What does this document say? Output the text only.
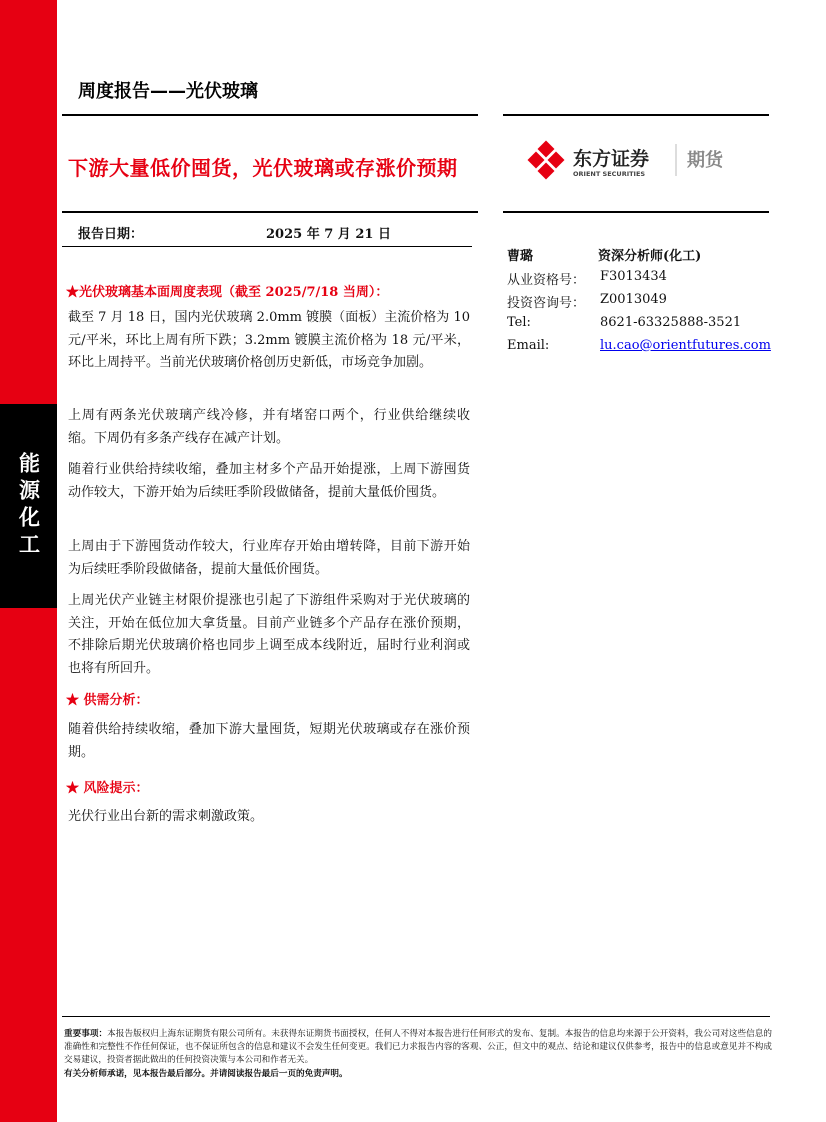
能源化工
周度报告——光伏玻璃
下游大量低价囤货，光伏玻璃或存涨价预期	东方证券
ORIENT SECURITIES
期货
报告日期：	2025 年 7 月 21 日
★光伏玻璃基本面周度表现（截至 2025/7/18 当周）：
截至 7 月 18 日，国内光伏玻璃 2.0mm 镀膜（面板）主流价格为 10 元/平米，环比上周有所下跌；3.2mm 镀膜主流价格为 18 元/平米，环比上周持平。当前光伏玻璃价格创历史新低，市场竞争加剧。
上周有两条光伏玻璃产线冷修，并有堵窑口两个，行业供给继续收缩。下周仍有多条产线存在减产计划。
随着行业供给持续收缩，叠加主材多个产品开始提涨，上周下游囤货动作较大，下游开始为后续旺季阶段做储备，提前大量低价囤货。
上周由于下游囤货动作较大，行业库存开始由增转降，目前下游开始为后续旺季阶段做储备，提前大量低价囤货。
上周光伏产业链主材限价提涨也引起了下游组件采购对于光伏玻璃的关注，开始在低位加大拿货量。目前产业链多个产品存在涨价预期，不排除后期光伏玻璃价格也同步上调至成本线附近，届时行业利润或也将有所回升。
★ 供需分析：
随着供给持续收缩，叠加下游大量囤货，短期光伏玻璃或存在涨价预期。
★ 风险提示：
光伏行业出台新的需求刺激政策。
曹璐	资深分析师(化工)
从业资格号： F3013434
投资咨询号： Z0013049
Tel:	8621-63325888-3521
Email:	lu.cao@orientfutures.com
重要事项：本报告版权归上海东证期货有限公司所有。未获得东证期货书面授权，任何人不得对本报告进行任何形式的发布、复制。本报告的信息均来源于公开资料，我公司对这些信息的准确性和完整性不作任何保证，也不保证所包含的信息和建议不会发生任何变更。我们已力求报告内容的客观、公正，但文中的观点、结论和建议仅供参考，报告中的信息或意见并不构成交易建议，投资者据此做出的任何投资决策与本公司和作者无关。
有关分析师承诺，见本报告最后部分。并请阅读报告最后一页的免责声明。
